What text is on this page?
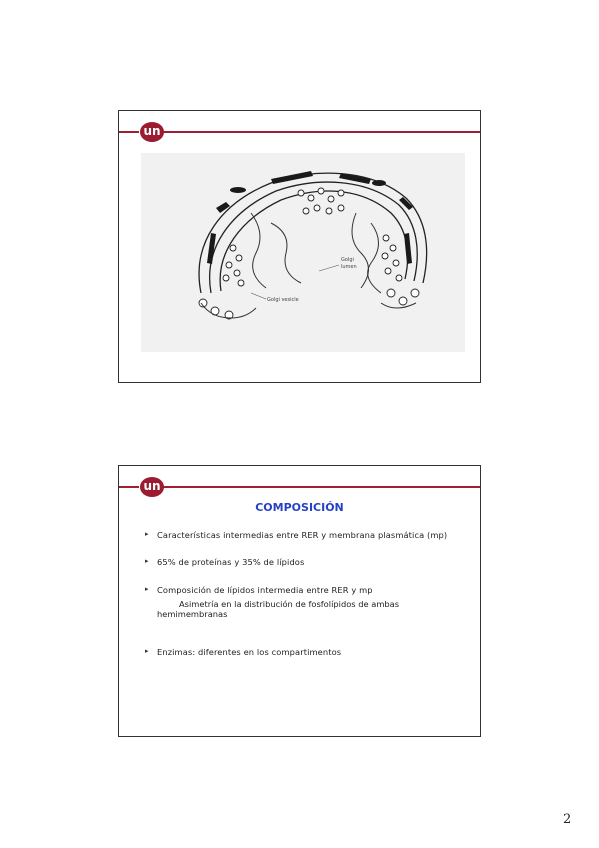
un
Golgi
lumen
Golgi vesicle
un
COMPOSICIÓN
▸ Características intermedias entre RER y membrana plasmática (mp)
▸ 65% de proteínas y 35% de lípidos
▸ Composición de lípidos intermedia entre RER y mp
Asimetría en la distribución de fosfolípidos de ambas
hemimembranas
▸ Enzimas: diferentes en los compartimentos
2
